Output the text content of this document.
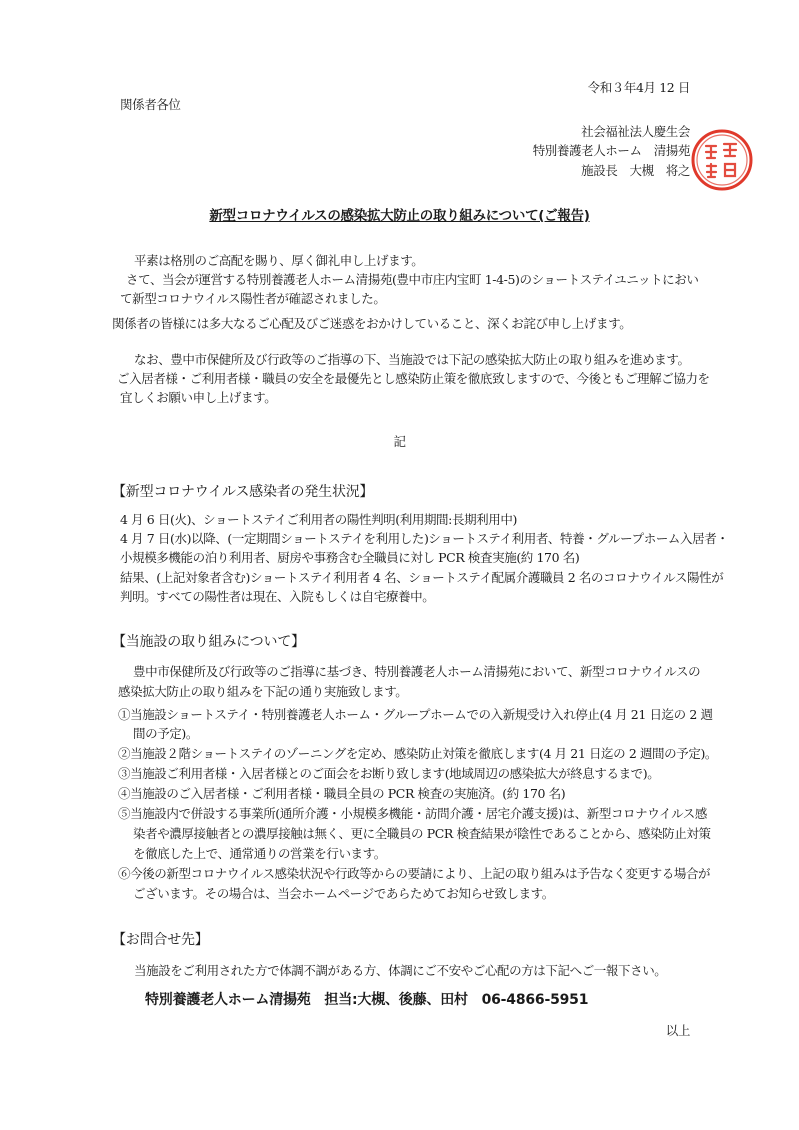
令和３年4月 12 日
関係者各位
社会福祉法人慶生会
特別養護老人ホーム　清揚苑
施設長　大槻　将之
新型コロナウイルスの感染拡大防止の取り組みについて(ご報告)
平素は格別のご高配を賜り、厚く御礼申し上げます。
さて、当会が運営する特別養護老人ホーム清揚苑(豊中市庄内宝町 1-4-5)のショートステイユニットにおい
て新型コロナウイルス陽性者が確認されました。
関係者の皆様には多大なるご心配及びご迷惑をおかけしていること、深くお詫び申し上げます。
なお、豊中市保健所及び行政等のご指導の下、当施設では下記の感染拡大防止の取り組みを進めます。
ご入居者様・ご利用者様・職員の安全を最優先とし感染防止策を徹底致しますので、今後ともご理解ご協力を
宜しくお願い申し上げます。
記
【新型コロナウイルス感染者の発生状況】
4 月 6 日(火)、ショートステイご利用者の陽性判明(利用期間:長期利用中)
4 月 7 日(水)以降、(一定期間ショートステイを利用した)ショートステイ利用者、特養・グループホーム入居者・
小規模多機能の泊り利用者、厨房や事務含む全職員に対し PCR 検査実施(約 170 名)
結果、(上記対象者含む)ショートステイ利用者 4 名、ショートステイ配属介護職員 2 名のコロナウイルス陽性が
判明。すべての陽性者は現在、入院もしくは自宅療養中。
【当施設の取り組みについて】
豊中市保健所及び行政等のご指導に基づき、特別養護老人ホーム清揚苑において、新型コロナウイルスの
感染拡大防止の取り組みを下記の通り実施致します。
①当施設ショートステイ・特別養護老人ホーム・グループホームでの入新規受け入れ停止(4 月 21 日迄の 2 週
間の予定)。
②当施設２階ショートステイのゾーニングを定め、感染防止対策を徹底します(4 月 21 日迄の 2 週間の予定)。
③当施設ご利用者様・入居者様とのご面会をお断り致します(地域周辺の感染拡大が終息するまで)。
④当施設のご入居者様・ご利用者様・職員全員の PCR 検査の実施済。(約 170 名)
⑤当施設内で併設する事業所(通所介護・小規模多機能・訪問介護・居宅介護支援)は、新型コロナウイルス感
染者や濃厚接触者との濃厚接触は無く、更に全職員の PCR 検査結果が陰性であることから、感染防止対策
を徹底した上で、通常通りの営業を行います。
⑥今後の新型コロナウイルス感染状況や行政等からの要請により、上記の取り組みは予告なく変更する場合が
ございます。その場合は、当会ホームページであらためてお知らせ致します。
【お問合せ先】
当施設をご利用された方で体調不調がある方、体調にご不安やご心配の方は下記へご一報下さい。
特別養護老人ホーム清揚苑　担当:大槻、後藤、田村　06-4866-5951
以上
